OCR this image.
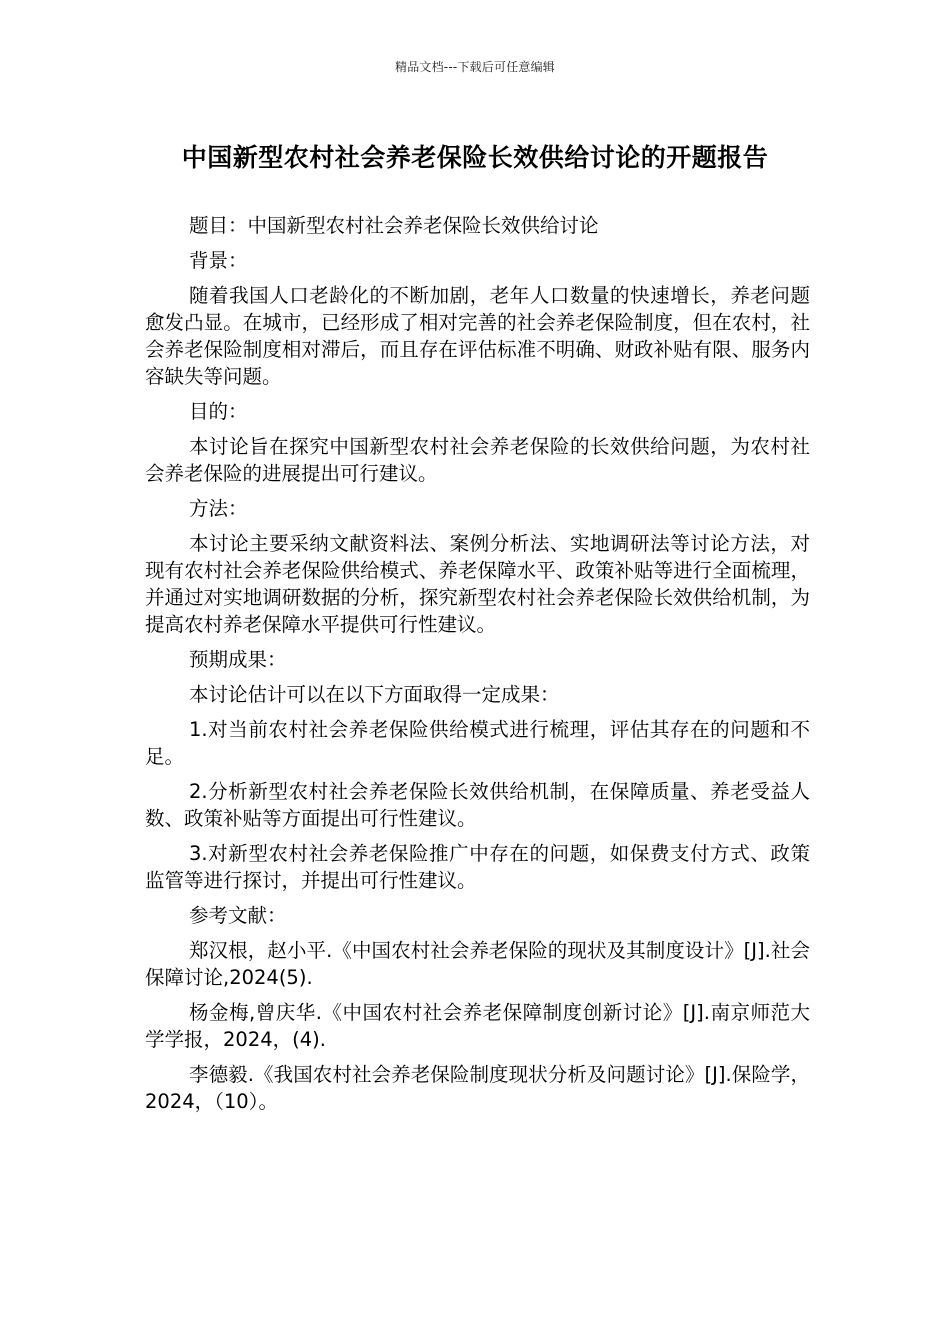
精品文档---下载后可任意编辑
中国新型农村社会养老保险长效供给讨论的开题报告

题目：中国新型农村社会养老保险长效供给讨论

背景：

随着我国人口老龄化的不断加剧，老年人口数量的快速增长，养老问题愈发凸显。在城市，已经形成了相对完善的社会养老保险制度，但在农村，社会养老保险制度相对滞后，而且存在评估标准不明确、财政补贴有限、服务内容缺失等问题。

目的：

本讨论旨在探究中国新型农村社会养老保险的长效供给问题，为农村社会养老保险的进展提出可行建议。

方法：

本讨论主要采纳文献资料法、案例分析法、实地调研法等讨论方法，对现有农村社会养老保险供给模式、养老保障水平、政策补贴等进行全面梳理，并通过对实地调研数据的分析，探究新型农村社会养老保险长效供给机制，为提高农村养老保障水平提供可行性建议。

预期成果：

本讨论估计可以在以下方面取得一定成果：

1.对当前农村社会养老保险供给模式进行梳理，评估其存在的问题和不足。

2.分析新型农村社会养老保险长效供给机制，在保障质量、养老受益人数、政策补贴等方面提出可行性建议。

3.对新型农村社会养老保险推广中存在的问题，如保费支付方式、政策监管等进行探讨，并提出可行性建议。

参考文献：

郑汉根，赵小平.《中国农村社会养老保险的现状及其制度设计》[J].社会保障讨论,2024(5).

杨金梅,曾庆华.《中国农村社会养老保障制度创新讨论》[J].南京师范大学学报，2024，(4).

李德毅.《我国农村社会养老保险制度现状分析及问题讨论》[J].保险学，2024，（10）。
